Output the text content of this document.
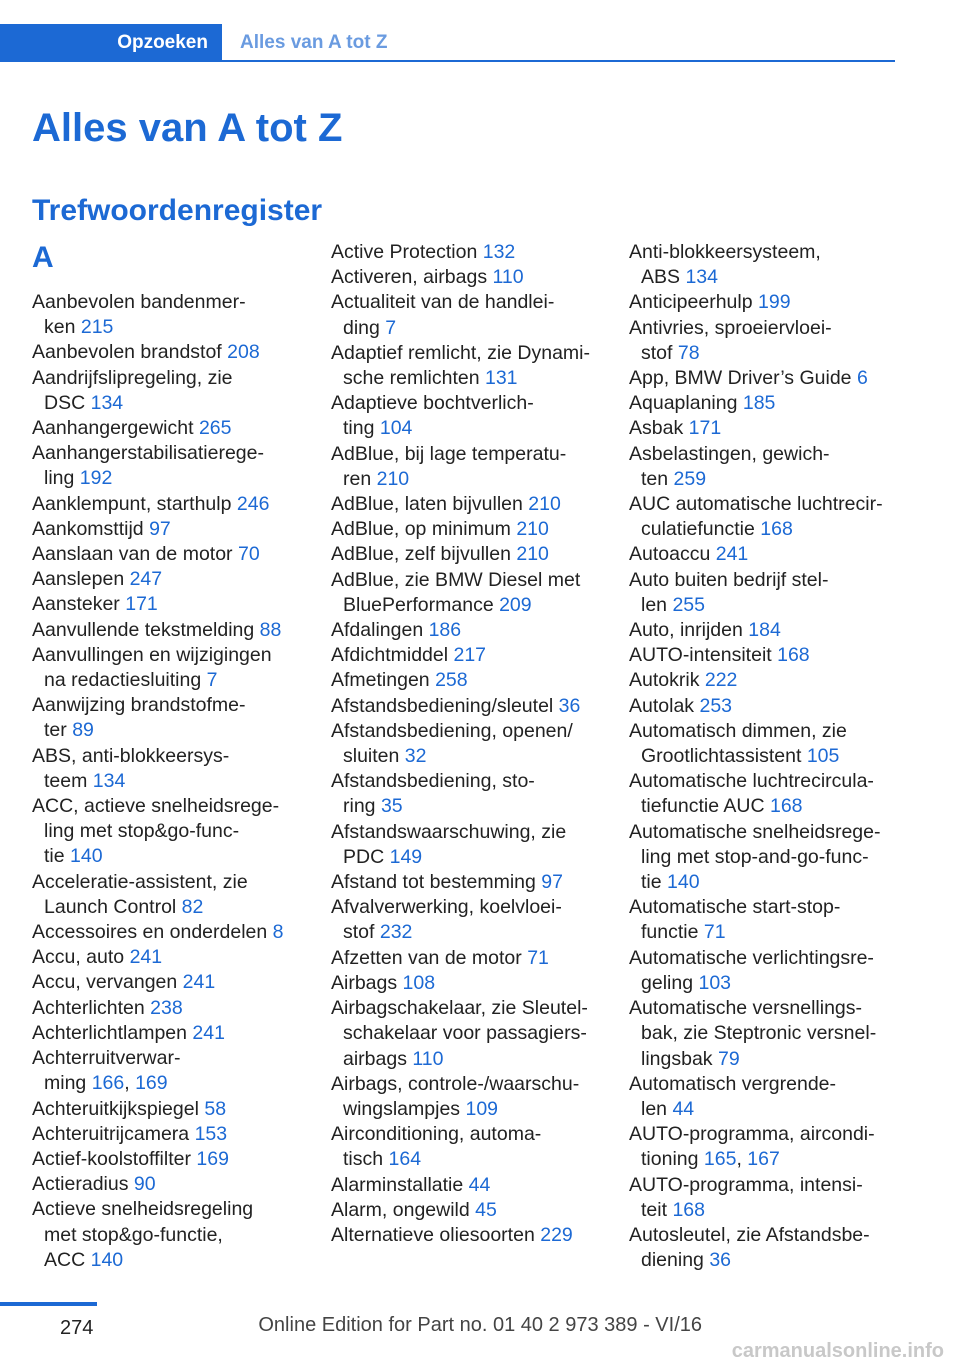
Opzoeken	Alles van A tot Z
Alles van A tot Z
Trefwoordenregister
A
Aanbevolen bandenmer-
ken 215
Aanbevolen brandstof 208
Aandrijfslipregeling, zie
DSC 134
Aanhangergewicht 265
Aanhangerstabilisatierege-
ling 192
Aanklempunt, starthulp 246
Aankomsttijd 97
Aanslaan van de motor 70
Aanslepen 247
Aansteker 171
Aanvullende tekstmelding 88
Aanvullingen en wijzigingen
na redactiesluiting 7
Aanwijzing brandstofme-
ter 89
ABS, anti-blokkeersys-
teem 134
ACC, actieve snelheidsrege-
ling met stop&go-func-
tie 140
Acceleratie-assistent, zie
Launch Control 82
Accessoires en onderdelen 8
Accu, auto 241
Accu, vervangen 241
Achterlichten 238
Achterlichtlampen 241
Achterruitverwar-
ming 166, 169
Achteruitkijkspiegel 58
Achteruitrijcamera 153
Actief-koolstoffilter 169
Actieradius 90
Actieve snelheidsregeling
met stop&go-functie,
ACC 140
Active Protection 132
Activeren, airbags 110
Actualiteit van de handlei-
ding 7
Adaptief remlicht, zie Dynami-
sche remlichten 131
Adaptieve bochtverlich-
ting 104
AdBlue, bij lage temperatu-
ren 210
AdBlue, laten bijvullen 210
AdBlue, op minimum 210
AdBlue, zelf bijvullen 210
AdBlue, zie BMW Diesel met
BluePerformance 209
Afdalingen 186
Afdichtmiddel 217
Afmetingen 258
Afstandsbediening/sleutel 36
Afstandsbediening, openen/
sluiten 32
Afstandsbediening, sto-
ring 35
Afstandswaarschuwing, zie
PDC 149
Afstand tot bestemming 97
Afvalverwerking, koelvloei-
stof 232
Afzetten van de motor 71
Airbags 108
Airbagschakelaar, zie Sleutel-
schakelaar voor passagiers-
airbags 110
Airbags, controle-/waarschu-
wingslampjes 109
Airconditioning, automa-
tisch 164
Alarminstallatie 44
Alarm, ongewild 45
Alternatieve oliesoorten 229
Anti-blokkeersysteem,
ABS 134
Anticipeerhulp 199
Antivries, sproeiervloei-
stof 78
App, BMW Driver’s Guide 6
Aquaplaning 185
Asbak 171
Asbelastingen, gewich-
ten 259
AUC automatische luchtrecir-
culatiefunctie 168
Autoaccu 241
Auto buiten bedrijf stel-
len 255
Auto, inrijden 184
AUTO-intensiteit 168
Autokrik 222
Autolak 253
Automatisch dimmen, zie
Grootlichtassistent 105
Automatische luchtrecircula-
tiefunctie AUC 168
Automatische snelheidsrege-
ling met stop-and-go-func-
tie 140
Automatische start-stop-
functie 71
Automatische verlichtingsre-
geling 103
Automatische versnellings-
bak, zie Steptronic versnel-
lingsbak 79
Automatisch vergrende-
len 44
AUTO-programma, aircondi-
tioning 165, 167
AUTO-programma, intensi-
teit 168
Autosleutel, zie Afstandsbe-
diening 36
274	Online Edition for Part no. 01 40 2 973 389 - VI/16
carmanualsonline.info
